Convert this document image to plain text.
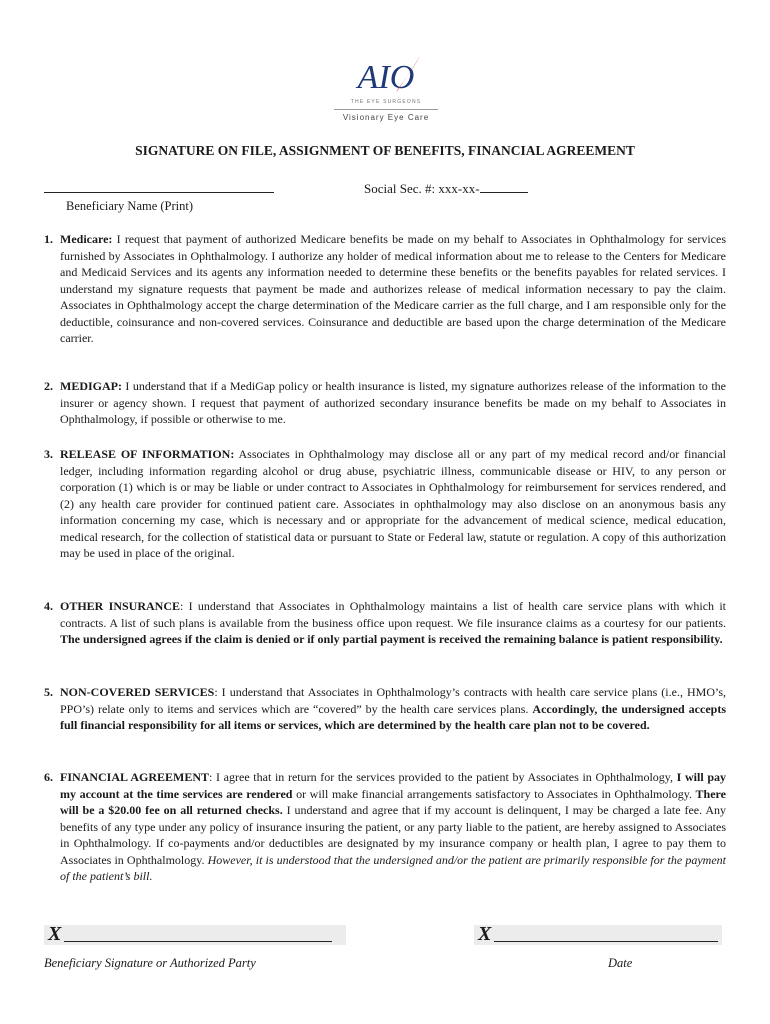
AIO
THE EYE SURGEONS
Visionary Eye Care
SIGNATURE ON FILE, ASSIGNMENT OF BENEFITS, FINANCIAL AGREEMENT
Social Sec. #: xxx-xx-
Beneficiary Name (Print)
1. Medicare: I request that payment of authorized Medicare benefits be made on my behalf to Associates in Ophthalmology for services furnished by Associates in Ophthalmology. I authorize any holder of medical information about me to release to the Centers for Medicare and Medicaid Services and its agents any information needed to determine these benefits or the benefits payables for related services. I understand my signature requests that payment be made and authorizes release of medical information necessary to pay the claim. Associates in Ophthalmology accept the charge determination of the Medicare carrier as the full charge, and I am responsible only for the deductible, coinsurance and non-covered services. Coinsurance and deductible are based upon the charge determination of the Medicare carrier.
2. MEDIGAP: I understand that if a MediGap policy or health insurance is listed, my signature authorizes release of the information to the insurer or agency shown. I request that payment of authorized secondary insurance benefits be made on my behalf to Associates in Ophthalmology, if possible or otherwise to me.
3. RELEASE OF INFORMATION: Associates in Ophthalmology may disclose all or any part of my medical record and/or financial ledger, including information regarding alcohol or drug abuse, psychiatric illness, communicable disease or HIV, to any person or corporation (1) which is or may be liable or under contract to Associates in Ophthalmology for reimbursement for services rendered, and (2) any health care provider for continued patient care. Associates in ophthalmology may also disclose on an anonymous basis any information concerning my case, which is necessary and or appropriate for the advancement of medical science, medical education, medical research, for the collection of statistical data or pursuant to State or Federal law, statute or regulation. A copy of this authorization may be used in place of the original.
4. OTHER INSURANCE: I understand that Associates in Ophthalmology maintains a list of health care service plans with which it contracts. A list of such plans is available from the business office upon request. We file insurance claims as a courtesy for our patients. The undersigned agrees if the claim is denied or if only partial payment is received the remaining balance is patient responsibility.
5. NON-COVERED SERVICES: I understand that Associates in Ophthalmology’s contracts with health care service plans (i.e., HMO’s, PPO’s) relate only to items and services which are “covered” by the health care services plans. Accordingly, the undersigned accepts full financial responsibility for all items or services, which are determined by the health care plan not to be covered.
6. FINANCIAL AGREEMENT: I agree that in return for the services provided to the patient by Associates in Ophthalmology, I will pay my account at the time services are rendered or will make financial arrangements satisfactory to Associates in Ophthalmology. There will be a $20.00 fee on all returned checks. I understand and agree that if my account is delinquent, I may be charged a late fee. Any benefits of any type under any policy of insurance insuring the patient, or any party liable to the patient, are hereby assigned to Associates in Ophthalmology. If co-payments and/or deductibles are designated by my insurance company or health plan, I agree to pay them to Associates in Ophthalmology. However, it is understood that the undersigned and/or the patient are primarily responsible for the payment of the patient’s bill.
X	X
Beneficiary Signature or Authorized Party	Date
